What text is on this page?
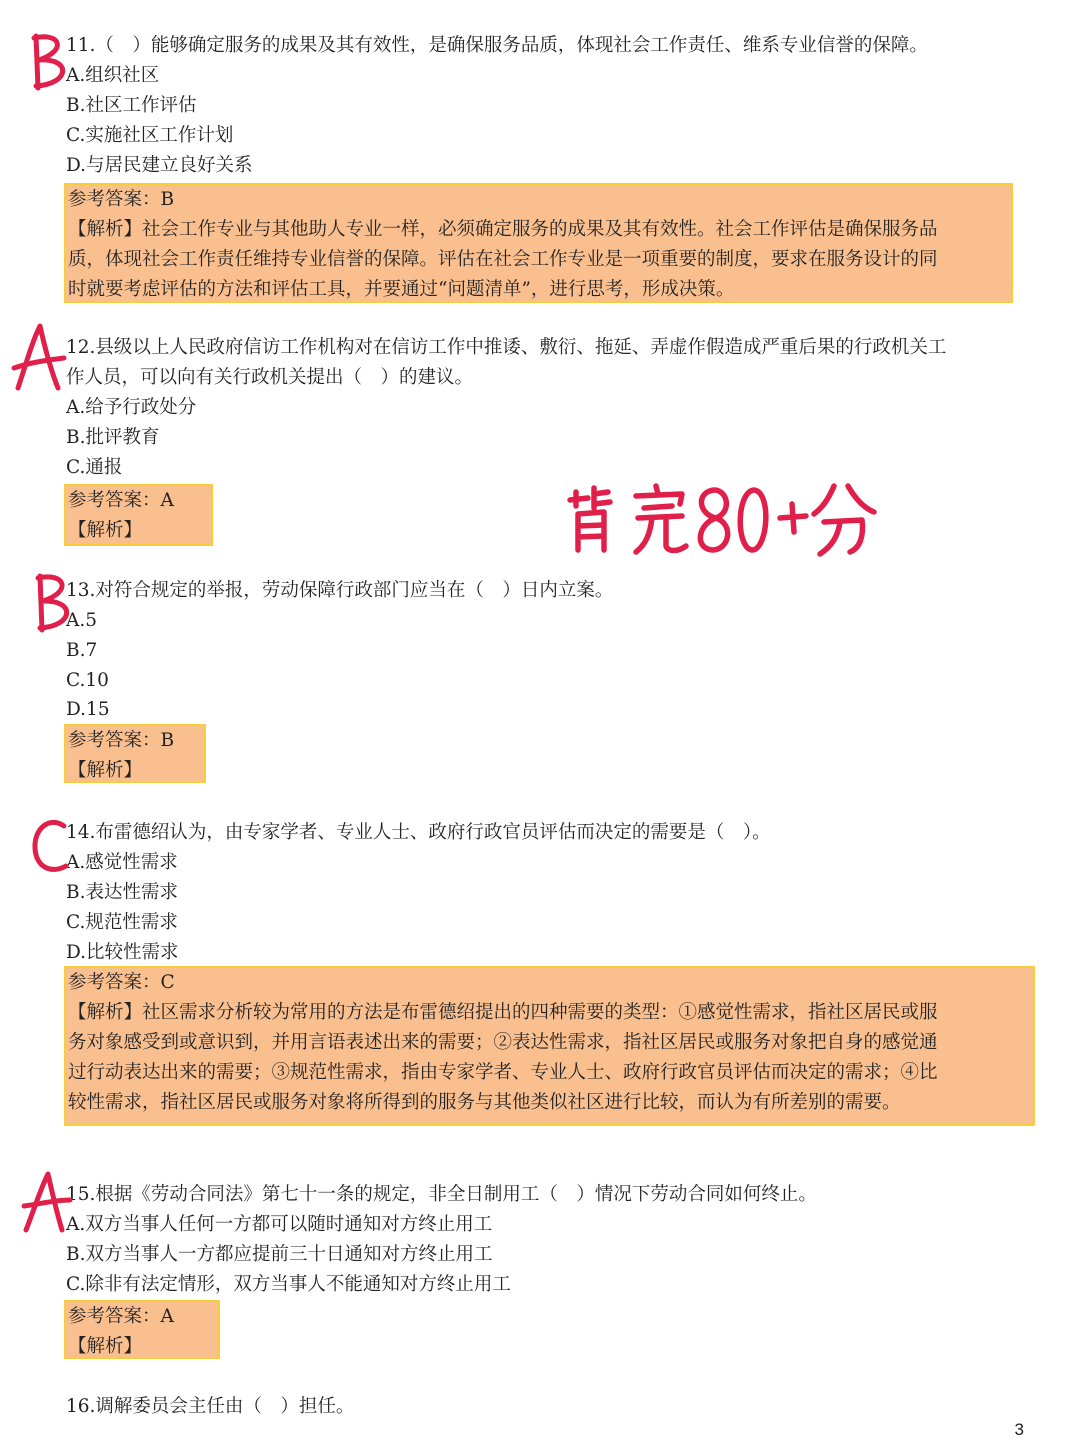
11.（　）能够确定服务的成果及其有效性，是确保服务品质，体现社会工作责任、维系专业信誉的保障。

A.组织社区

B.社区工作评估

C.实施社区工作计划

D.与居民建立良好关系

参考答案：B
【解析】社会工作专业与其他助人专业一样，必须确定服务的成果及其有效性。社会工作评估是确保服务品
质，体现社会工作责任维持专业信誉的保障。评估在社会工作专业是一项重要的制度，要求在服务设计的同
时就要考虑评估的方法和评估工具，并要通过“问题清单”，进行思考，形成决策。

12.县级以上人民政府信访工作机构对在信访工作中推诿、敷衍、拖延、弄虚作假造成严重后果的行政机关工

作人员，可以向有关行政机关提出（　）的建议。

A.给予行政处分

B.批评教育

C.通报

参考答案：A
【解析】

13.对符合规定的举报，劳动保障行政部门应当在（　）日内立案。

A.5

B.7

C.10

D.15

参考答案：B
【解析】

14.布雷德绍认为，由专家学者、专业人士、政府行政官员评估而决定的需要是（　）。

A.感觉性需求

B.表达性需求

C.规范性需求

D.比较性需求

参考答案：C
【解析】社区需求分析较为常用的方法是布雷德绍提出的四种需要的类型：①感觉性需求，指社区居民或服
务对象感受到或意识到，并用言语表述出来的需要；②表达性需求，指社区居民或服务对象把自身的感觉通
过行动表达出来的需要；③规范性需求，指由专家学者、专业人士、政府行政官员评估而决定的需求；④比
较性需求，指社区居民或服务对象将所得到的服务与其他类似社区进行比较，而认为有所差别的需要。

15.根据《劳动合同法》第七十一条的规定，非全日制用工（　）情况下劳动合同如何终止。

A.双方当事人任何一方都可以随时通知对方终止用工

B.双方当事人一方都应提前三十日通知对方终止用工

C.除非有法定情形，双方当事人不能通知对方终止用工

参考答案：A
【解析】

16.调解委员会主任由（　）担任。

3
